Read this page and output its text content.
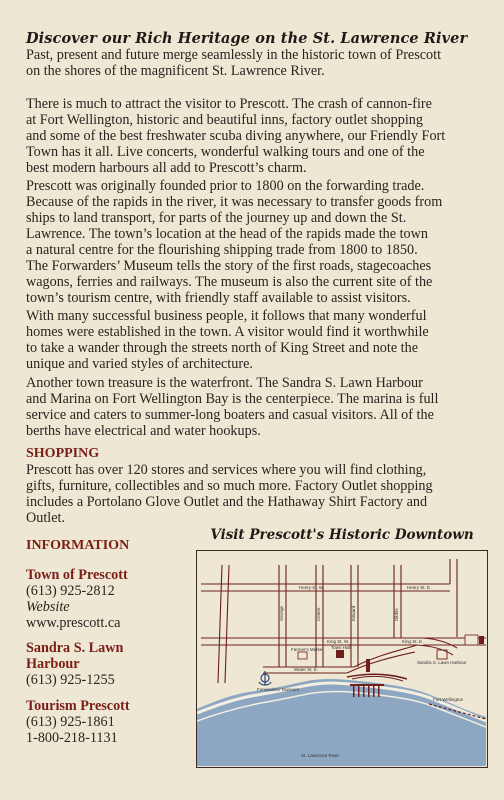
Discover our Rich Heritage on the St. Lawrence River

Past, present and future merge seamlessly in the historic town of Prescott
on the shores of the magnificent St. Lawrence River.

There is much to attract the visitor to Prescott. The crash of cannon-fire
at Fort Wellington, historic and beautiful inns, factory outlet shopping
and some of the best freshwater scuba diving anywhere, our Friendly Fort
Town has it all. Live concerts, wonderful walking tours and one of the
best modern harbours all add to Prescott’s charm.

Prescott was originally founded prior to 1800 on the forwarding trade.
Because of the rapids in the river, it was necessary to transfer goods from
ships to land transport, for parts of the journey up and down the St.
Lawrence. The town’s location at the head of the rapids made the town
a natural centre for the flourishing shipping trade from 1800 to 1850.
The Forwarders’ Museum tells the story of the first roads, stagecoaches
wagons, ferries and railways. The museum is also the current site of the
town’s tourism centre, with friendly staff available to assist visitors.

With many successful business people, it follows that many wonderful
homes were established in the town. A visitor would find it worthwhile
to take a wander through the streets north of King Street and note the
unique and varied styles of architecture.

Another town treasure is the waterfront. The Sandra S. Lawn Harbour
and Marina on Fort Wellington Bay is the centerpiece. The marina is full
service and caters to summer-long boaters and casual visitors. All of the
berths have electrical and water hookups.

SHOPPING

Prescott has over 120 stores and services where you will find clothing,
gifts, furniture, collectibles and so much more. Factory Outlet shopping
includes a Portolano Glove Outlet and the Hathaway Shirt Factory and
Outlet.

INFORMATION

Town of Prescott
(613) 925-2812
Website
www.prescott.ca
Sandra S. Lawn
Harbour
(613) 925-1255
Tourism Prescott
(613) 925-1861
1-800-218-1131
Visit Prescott's Historic Downtown
Henry St. W.	Henry St. E.
King St. W.	King St. E.
Water St. E.
St. Lawrence River
Sandra S. Lawn Harbour
Forwarders' Museum
Farmer's Market Town Hall
Fort Wellington
George	Centre	Edward	Dibble
